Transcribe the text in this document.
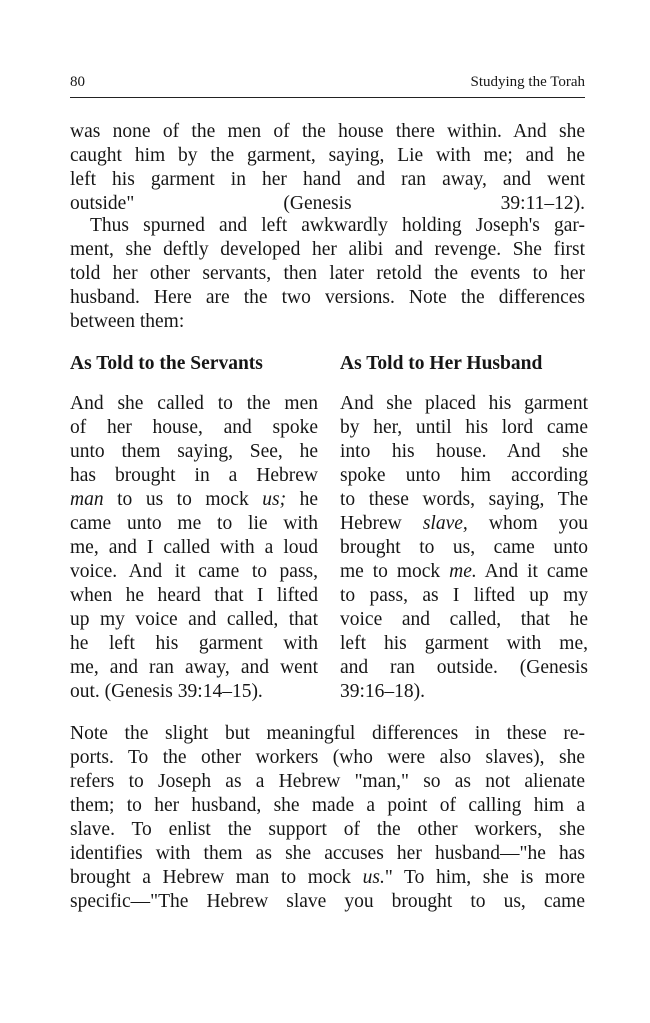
80	Studying the Torah
was none of the men of the house there within. And she
caught him by the garment, saying, Lie with me; and he
left his garment in her hand and ran away, and went
outside" (Genesis 39:11–12).
Thus spurned and left awkwardly holding Joseph's gar-
ment, she deftly developed her alibi and revenge. She first
told her other servants, then later retold the events to her
husband. Here are the two versions. Note the differences
between them:
As Told to the Servants	As Told to Her Husband
And she called to the men
of her house, and spoke
unto them saying, See, he
has brought in a Hebrew
man to us to mock us; he
came unto me to lie with
me, and I called with a loud
voice. And it came to pass,
when he heard that I lifted
up my voice and called, that
he left his garment with
me, and ran away, and went
out. (Genesis 39:14–15).
And she placed his garment
by her, until his lord came
into his house. And she
spoke unto him according
to these words, saying, The
Hebrew slave, whom you
brought to us, came unto
me to mock me. And it came
to pass, as I lifted up my
voice and called, that he
left his garment with me,
and ran outside. (Genesis
39:16–18).
Note the slight but meaningful differences in these re-
ports. To the other workers (who were also slaves), she
refers to Joseph as a Hebrew "man," so as not alienate
them; to her husband, she made a point of calling him a
slave. To enlist the support of the other workers, she
identifies with them as she accuses her husband—"he has
brought a Hebrew man to mock us." To him, she is more
specific—"The Hebrew slave you brought to us, came
